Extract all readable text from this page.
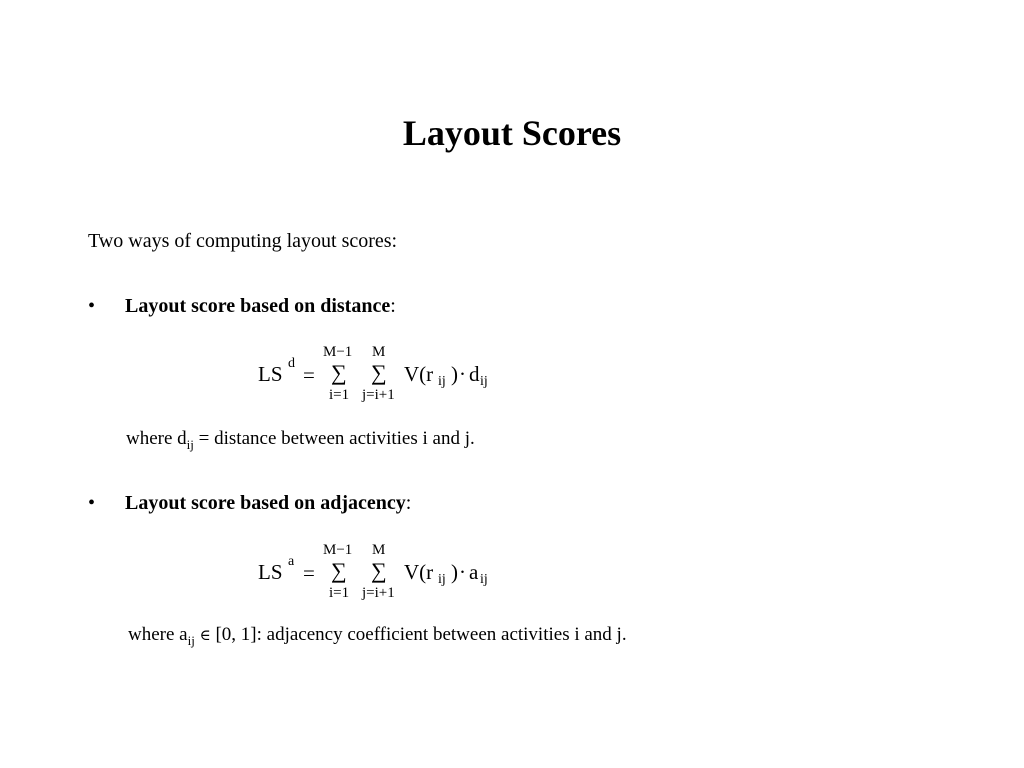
Layout Scores
Two ways of computing layout scores:
• Layout score based on distance:
LS d =
M−1
∑
i=1
M
∑
j=i+1
V(r ij ) · d ij
where $d_{ij}$ = distance between activities i and j.
• Layout score based on adjacency:
LS a =
M−1
∑
i=1
M
∑
j=i+1
V(r ij ) · a ij
where $a_{ij}$ ∈ [0, 1]: adjacency coefficient between activities i and j.
